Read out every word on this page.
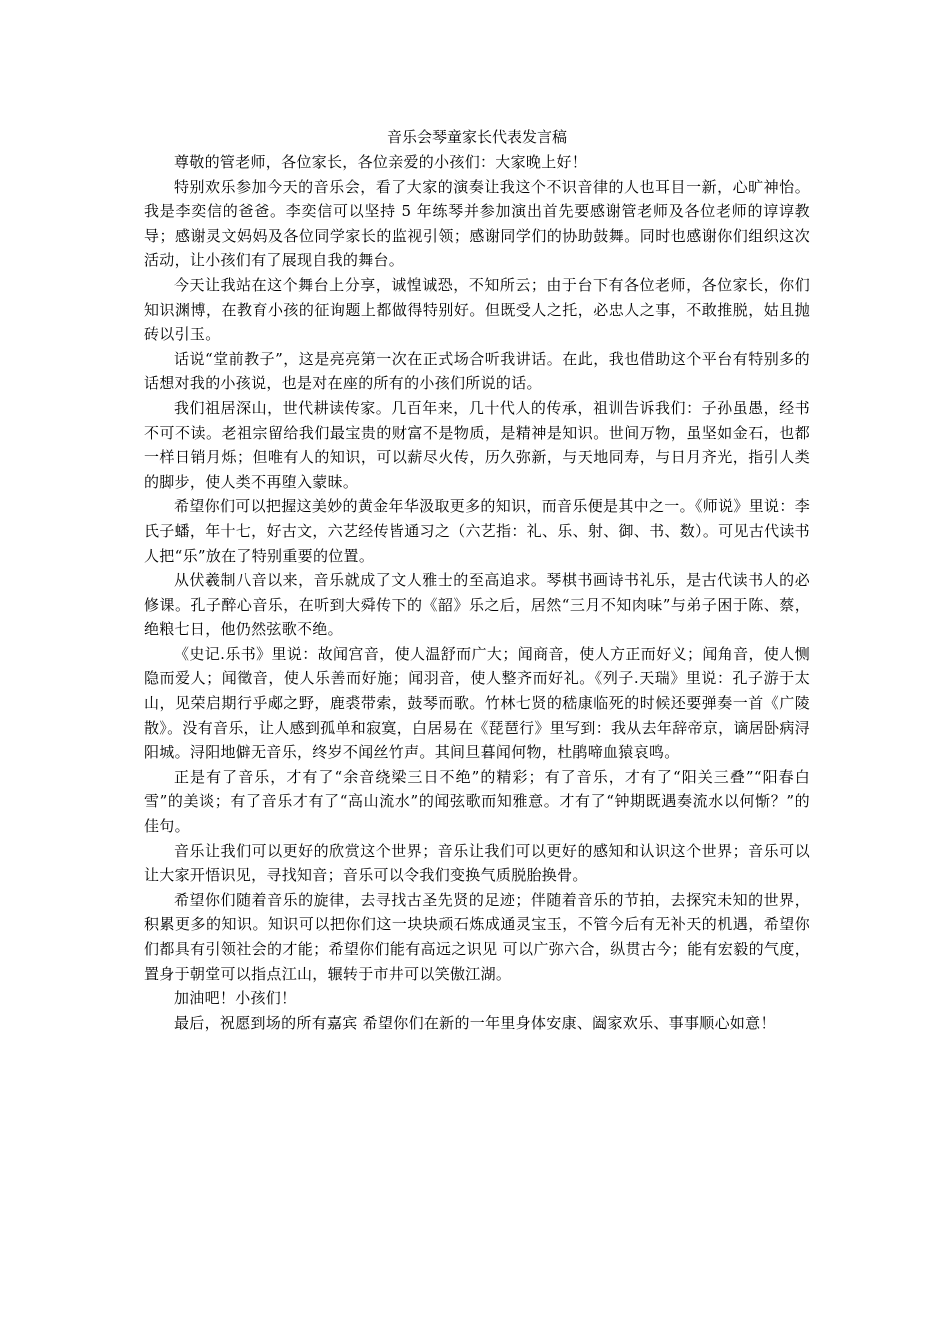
音乐会琴童家长代表发言稿

尊敬的管老师，各位家长，各位亲爱的小孩们：大家晚上好！

特别欢乐参加今天的音乐会，看了大家的演奏让我这个不识音律的人也耳目一新，心旷神怡。我是李奕信的爸爸。李奕信可以坚持 5 年练琴并参加演出首先要感谢管老师及各位老师的谆谆教导；感谢灵文妈妈及各位同学家长的监视引领；感谢同学们的协助鼓舞。同时也感谢你们组织这次活动，让小孩们有了展现自我的舞台。

今天让我站在这个舞台上分享，诚惶诚恐，不知所云；由于台下有各位老师，各位家长，你们知识渊博，在教育小孩的征询题上都做得特别好。但既受人之托，必忠人之事，不敢推脱，姑且抛砖以引玉。

话说“堂前教子”，这是亮亮第一次在正式场合听我讲话。在此，我也借助这个平台有特别多的话想对我的小孩说，也是对在座的所有的小孩们所说的话。

我们祖居深山，世代耕读传家。几百年来，几十代人的传承，祖训告诉我们：子孙虽愚，经书不可不读。老祖宗留给我们最宝贵的财富不是物质，是精神是知识。世间万物，虽坚如金石，也都一样日销月烁；但唯有人的知识，可以薪尽火传，历久弥新，与天地同寿，与日月齐光，指引人类的脚步，使人类不再堕入蒙昧。

希望你们可以把握这美妙的黄金年华汲取更多的知识，而音乐便是其中之一。《师说》里说：李氏子蟠，年十七，好古文，六艺经传皆通习之（六艺指：礼、乐、射、御、书、数）。可见古代读书人把“乐”放在了特别重要的位置。

从伏羲制八音以来，音乐就成了文人雅士的至高追求。琴棋书画诗书礼乐，是古代读书人的必修课。孔子醉心音乐，在听到大舜传下的《韶》乐之后，居然“三月不知肉味”与弟子困于陈、蔡，绝粮七日，他仍然弦歌不绝。

《史记.乐书》里说：故闻宫音，使人温舒而广大；闻商音，使人方正而好义；闻角音，使人恻隐而爱人；闻徵音，使人乐善而好施；闻羽音，使人整齐而好礼。《列子.天瑞》里说：孔子游于太山，见荣启期行乎郕之野，鹿裘带索，鼓琴而歌。竹林七贤的嵇康临死的时候还要弹奏一首《广陵散》。没有音乐，让人感到孤单和寂寞，白居易在《琵琶行》里写到：我从去年辞帝京，谪居卧病浔阳城。浔阳地僻无音乐，终岁不闻丝竹声。其间旦暮闻何物，杜鹃啼血猿哀鸣。

正是有了音乐，才有了“余音绕梁三日不绝”的精彩；有了音乐，才有了“阳关三叠”“阳春白雪”的美谈；有了音乐才有了“高山流水”的闻弦歌而知雅意。才有了“钟期既遇奏流水以何惭？”的佳句。

音乐让我们可以更好的欣赏这个世界；音乐让我们可以更好的感知和认识这个世界；音乐可以让大家开悟识见，寻找知音；音乐可以令我们变换气质脱胎换骨。

希望你们随着音乐的旋律，去寻找古圣先贤的足迹；伴随着音乐的节拍，去探究未知的世界，积累更多的知识。知识可以把你们这一块块顽石炼成通灵宝玉，不管今后有无补天的机遇，希望你们都具有引领社会的才能；希望你们能有高远之识见 可以广弥六合，纵贯古今；能有宏毅的气度，置身于朝堂可以指点江山，辗转于市井可以笑傲江湖。

加油吧！小孩们！

最后，祝愿到场的所有嘉宾 希望你们在新的一年里身体安康、阖家欢乐、事事顺心如意！
